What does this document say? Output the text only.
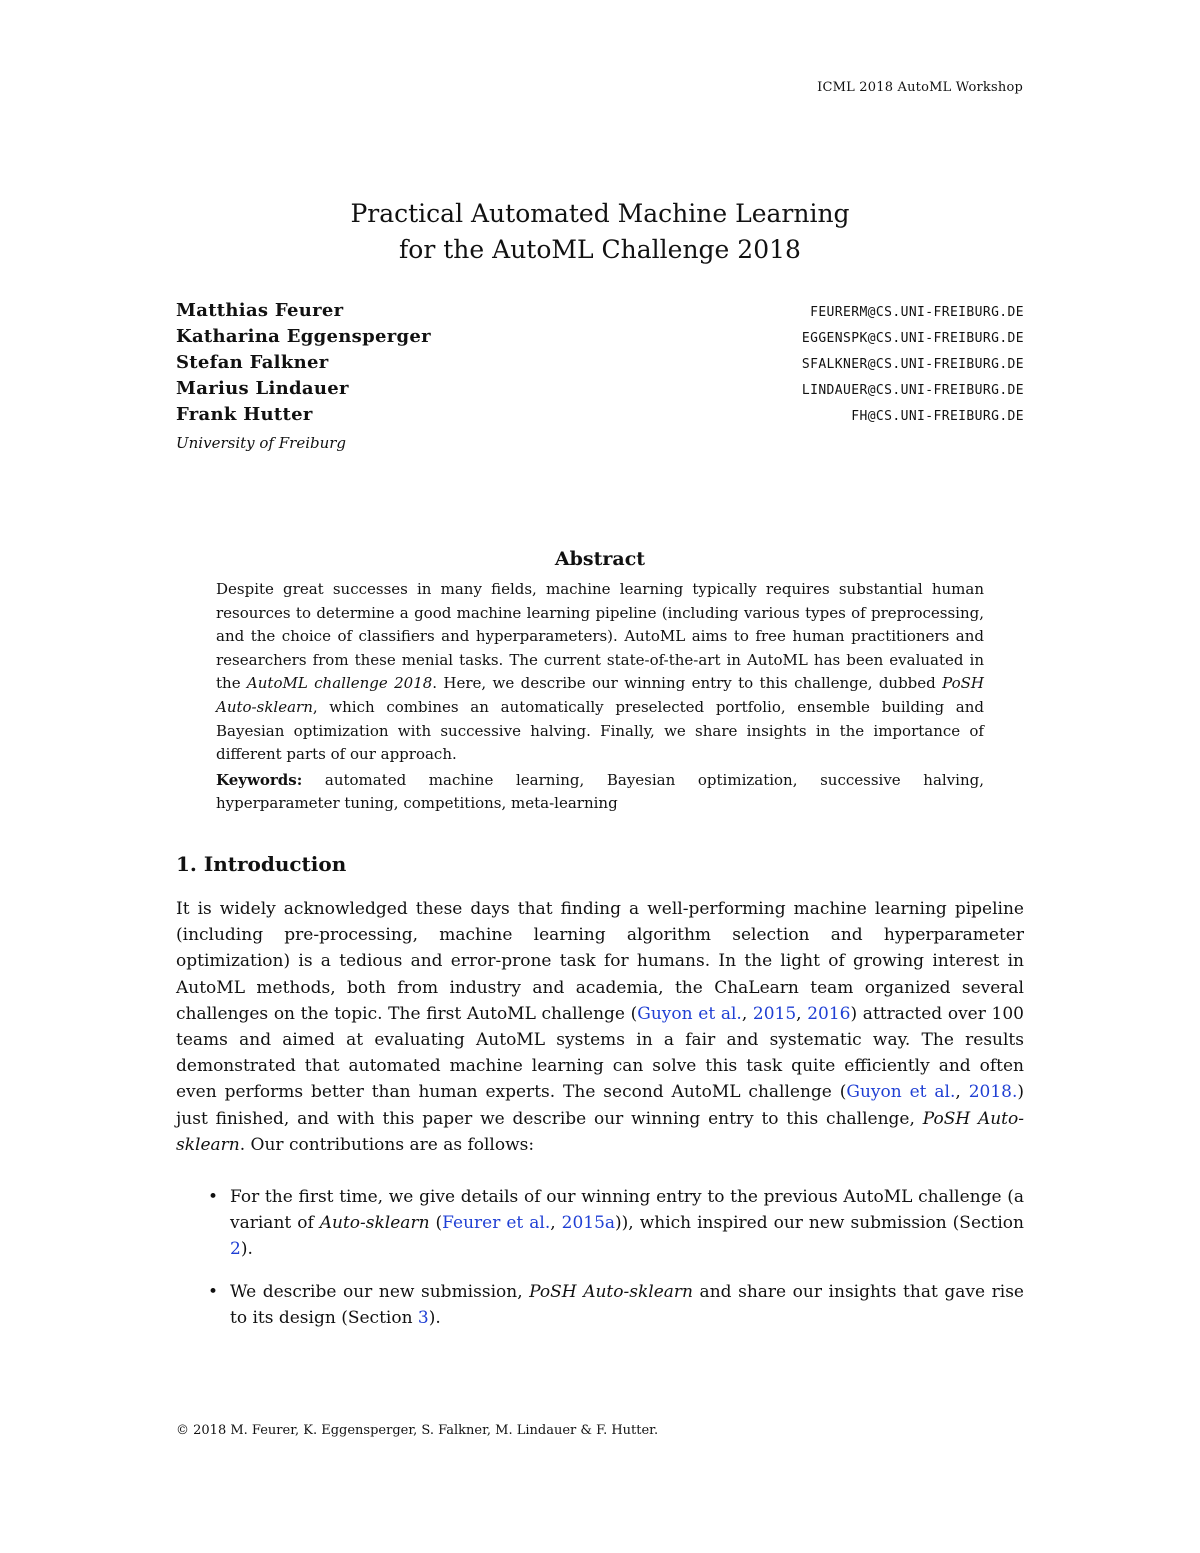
ICML 2018 AutoML Workshop
Practical Automated Machine Learning
for the AutoML Challenge 2018
Matthias Feurer	FEURERM@CS.UNI-FREIBURG.DE
Katharina Eggensperger	EGGENSPK@CS.UNI-FREIBURG.DE
Stefan Falkner	SFALKNER@CS.UNI-FREIBURG.DE
Marius Lindauer	LINDAUER@CS.UNI-FREIBURG.DE
Frank Hutter	FH@CS.UNI-FREIBURG.DE
University of Freiburg
Abstract

Despite great successes in many fields, machine learning typically requires substantial human resources to determine a good machine learning pipeline (including various types of preprocessing, and the choice of classifiers and hyperparameters). AutoML aims to free human practitioners and researchers from these menial tasks. The current state-of-the-art in AutoML has been evaluated in the AutoML challenge 2018. Here, we describe our winning entry to this challenge, dubbed PoSH Auto-sklearn, which combines an automatically preselected portfolio, ensemble building and Bayesian optimization with successive halving. Finally, we share insights in the importance of different parts of our approach.

Keywords: automated machine learning, Bayesian optimization, successive halving, hyperparameter tuning, competitions, meta-learning

1. Introduction

It is widely acknowledged these days that finding a well-performing machine learning pipeline (including pre-processing, machine learning algorithm selection and hyperparameter optimization) is a tedious and error-prone task for humans. In the light of growing interest in AutoML methods, both from industry and academia, the ChaLearn team organized several challenges on the topic. The first AutoML challenge (Guyon et al., 2015, 2016) attracted over 100 teams and aimed at evaluating AutoML systems in a fair and systematic way. The results demonstrated that automated machine learning can solve this task quite efficiently and often even performs better than human experts. The second AutoML challenge (Guyon et al., 2018.) just finished, and with this paper we describe our winning entry to this challenge, PoSH Auto-sklearn. Our contributions are as follows:

• For the first time, we give details of our winning entry to the previous AutoML challenge (a variant of Auto-sklearn (Feurer et al., 2015a)), which inspired our new submission (Section 2).
• We describe our new submission, PoSH Auto-sklearn and share our insights that gave rise to its design (Section 3).
© 2018 M. Feurer, K. Eggensperger, S. Falkner, M. Lindauer & F. Hutter.
